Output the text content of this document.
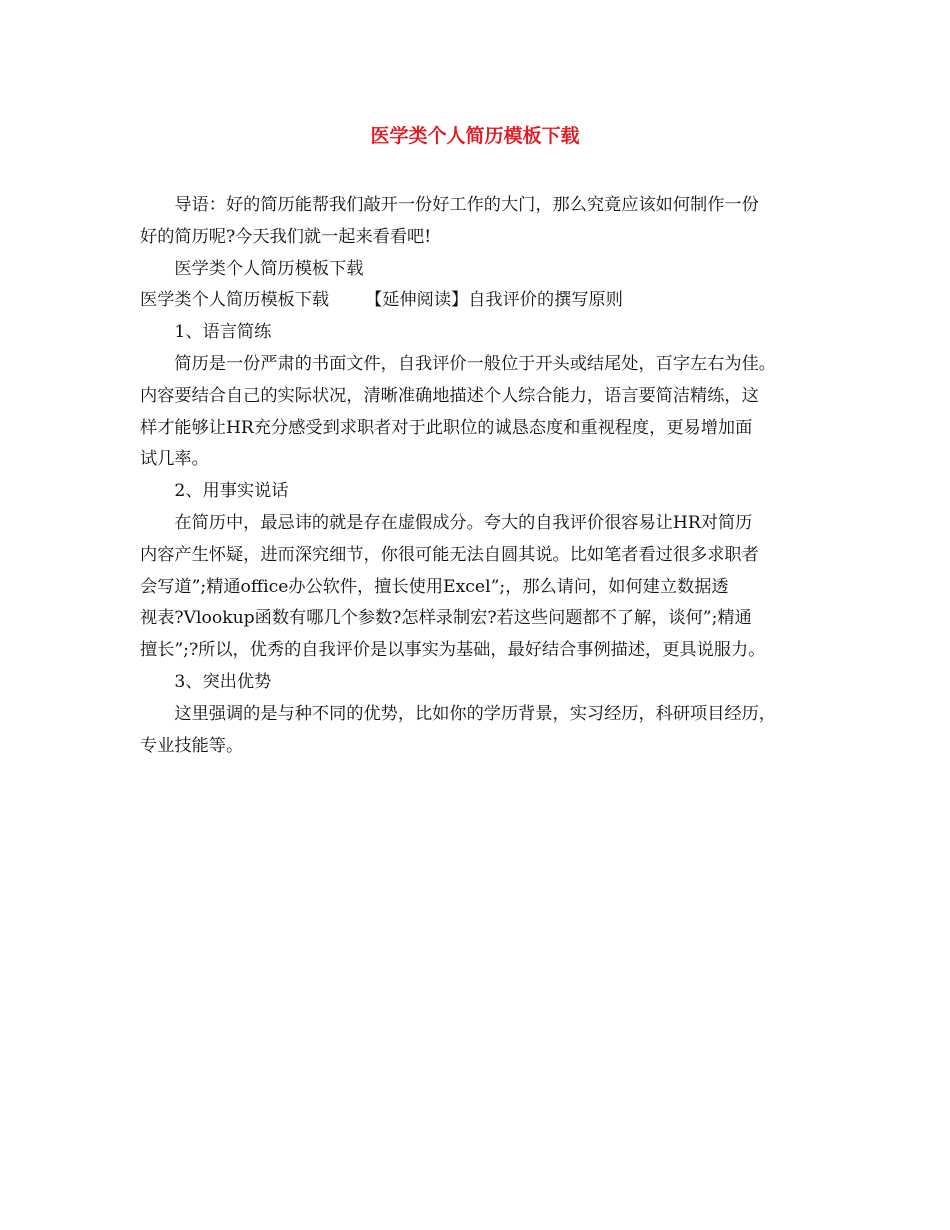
医学类个人简历模板下载
导语：好的简历能帮我们敲开一份好工作的大门，那么究竟应该如何制作一份
好的简历呢?今天我们就一起来看看吧!
医学类个人简历模板下载
医学类个人简历模板下载 【延伸阅读】自我评价的撰写原则
1、语言简练
简历是一份严肃的书面文件，自我评价一般位于开头或结尾处，百字左右为佳。
内容要结合自己的实际状况，清晰准确地描述个人综合能力，语言要简洁精练，这
样才能够让HR充分感受到求职者对于此职位的诚恳态度和重视程度，更易增加面
试几率。
2、用事实说话
在简历中，最忌讳的就是存在虚假成分。夸大的自我评价很容易让HR对简历
内容产生怀疑，进而深究细节，你很可能无法自圆其说。比如笔者看过很多求职者
会写道”;精通office办公软件，擅长使用Excel”;，那么请问，如何建立数据透
视表?Vlookup函数有哪几个参数?怎样录制宏?若这些问题都不了解，谈何”;精通
擅长”;?所以，优秀的自我评价是以事实为基础，最好结合事例描述，更具说服力。
3、突出优势
这里强调的是与种不同的优势，比如你的学历背景，实习经历，科研项目经历，
专业技能等。
